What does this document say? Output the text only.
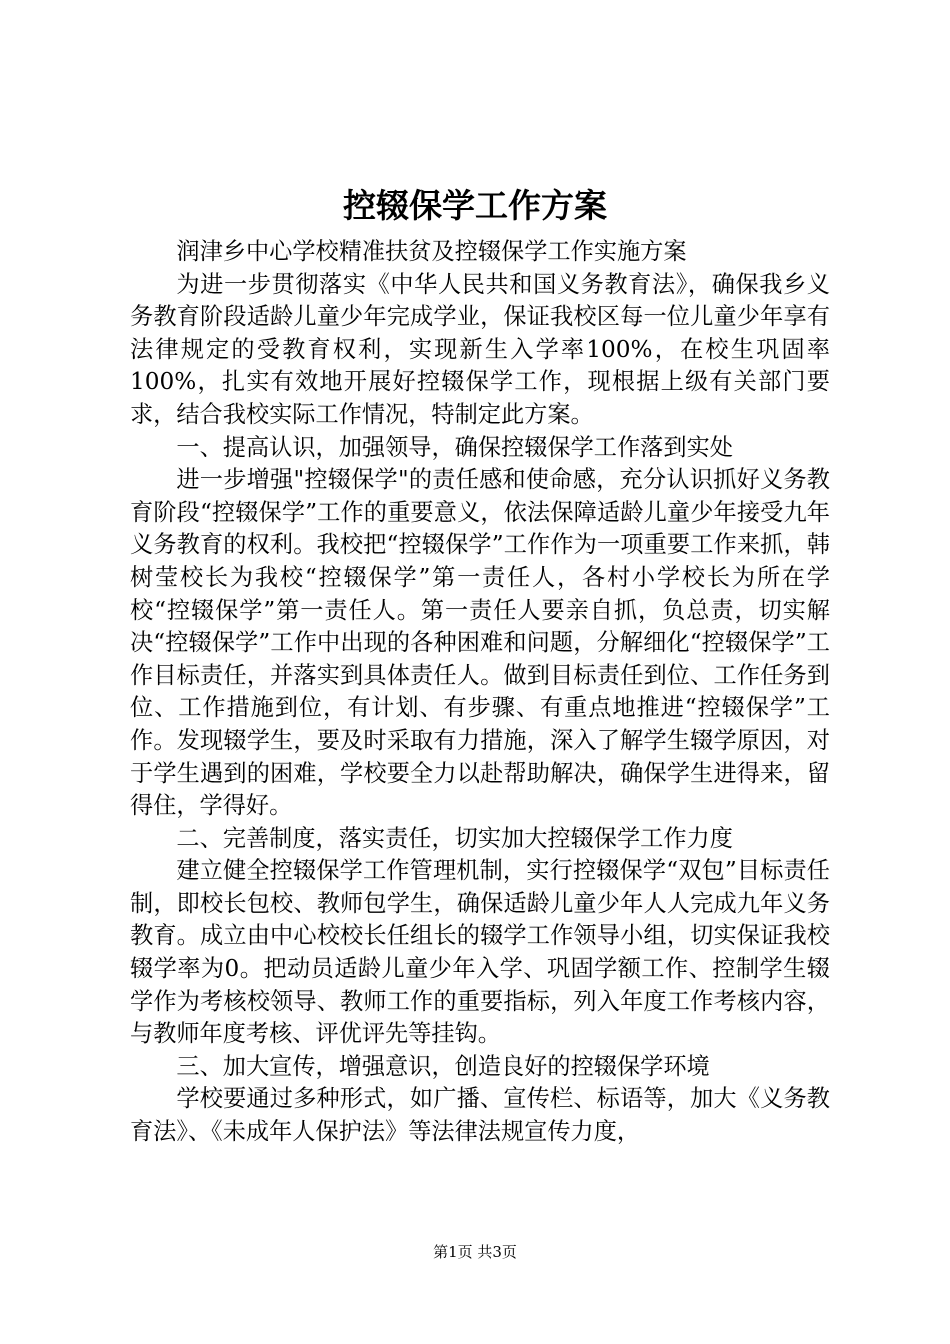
控辍保学工作方案

润津乡中心学校精准扶贫及控辍保学工作实施方案

为进一步贯彻落实《中华人民共和国义务教育法》，确保我乡义务教育阶段适龄儿童少年完成学业，保证我校区每一位儿童少年享有法律规定的受教育权利，实现新生入学率100%，在校生巩固率100%，扎实有效地开展好控辍保学工作，现根据上级有关部门要求，结合我校实际工作情况，特制定此方案。

一、提高认识，加强领导，确保控辍保学工作落到实处

进一步增强"控辍保学"的责任感和使命感，充分认识抓好义务教育阶段“控辍保学”工作的重要意义，依法保障适龄儿童少年接受九年义务教育的权利。我校把“控辍保学”工作作为一项重要工作来抓，韩树莹校长为我校“控辍保学”第一责任人，各村小学校长为所在学校“控辍保学”第一责任人。第一责任人要亲自抓，负总责，切实解决“控辍保学”工作中出现的各种困难和问题，分解细化“控辍保学”工作目标责任，并落实到具体责任人。做到目标责任到位、工作任务到位、工作措施到位，有计划、有步骤、有重点地推进“控辍保学”工作。发现辍学生，要及时采取有力措施，深入了解学生辍学原因，对于学生遇到的困难，学校要全力以赴帮助解决，确保学生进得来，留得住，学得好。

二、完善制度，落实责任，切实加大控辍保学工作力度

建立健全控辍保学工作管理机制，实行控辍保学“双包”目标责任制，即校长包校、教师包学生，确保适龄儿童少年人人完成九年义务教育。成立由中心校校长任组长的辍学工作领导小组，切实保证我校辍学率为0。把动员适龄儿童少年入学、巩固学额工作、控制学生辍学作为考核校领导、教师工作的重要指标，列入年度工作考核内容，与教师年度考核、评优评先等挂钩。

三、加大宣传，增强意识，创造良好的控辍保学环境

学校要通过多种形式，如广播、宣传栏、标语等，加大《义务教育法》、《未成年人保护法》等法律法规宣传力度，

第1页 共3页
